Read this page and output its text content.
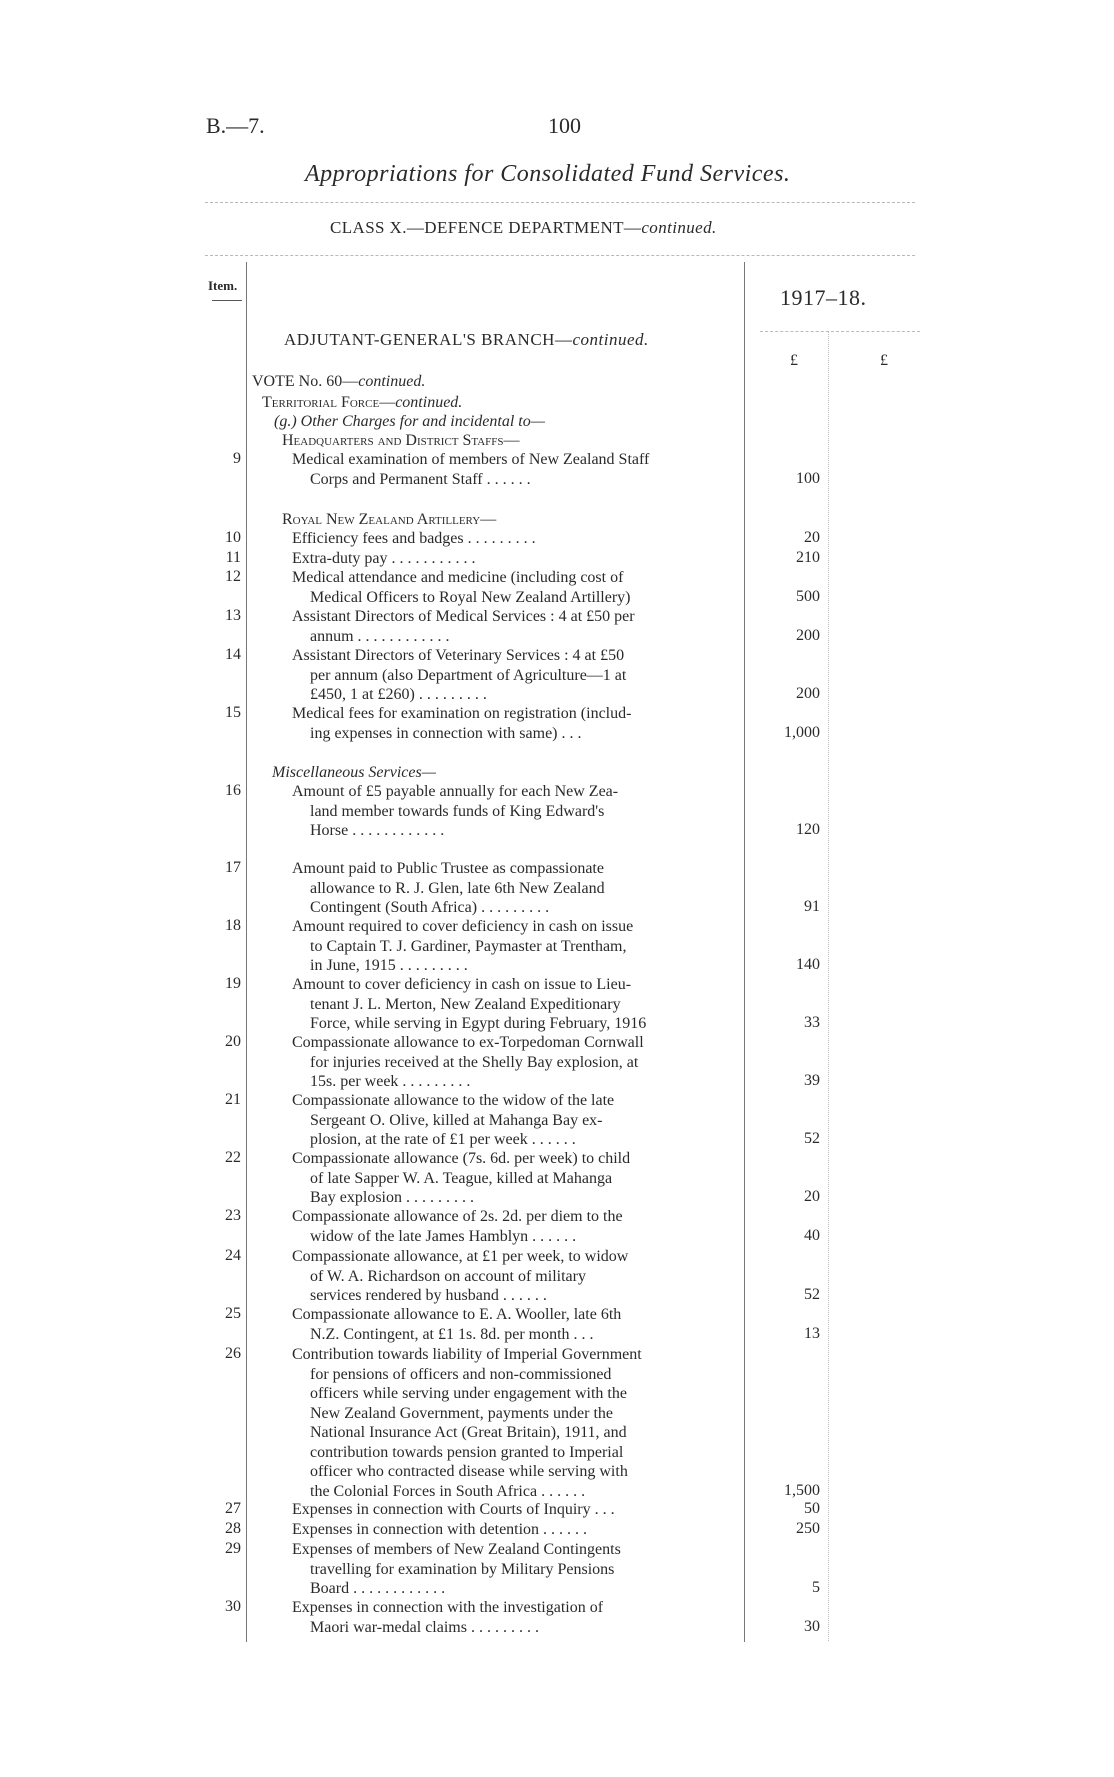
B.—7.	100
Appropriations for Consolidated Fund Services.
CLASS X.—DEFENCE DEPARTMENT—continued.
Item.	1917–18.
£	£
ADJUTANT-GENERAL'S BRANCH—continued.
VOTE No. 60—continued.
Territorial Force—continued.
(g.) Other Charges for and incidental to—
Headquarters and District Staffs—
Royal New Zealand Artillery—
Miscellaneous Services—
9	Medical examination of members of New Zealand Staff
Corps and Permanent Staff . . . . . .	100
10	Efficiency fees and badges . . . . . . . . .	20
11	Extra-duty pay . . . . . . . . . . .	210
12	Medical attendance and medicine (including cost of
Medical Officers to Royal New Zealand Artillery)	500
13	Assistant Directors of Medical Services : 4 at £50 per
annum . . . . . . . . . . . .	200
14	Assistant Directors of Veterinary Services : 4 at £50
per annum (also Department of Agriculture—1 at
£450, 1 at £260) . . . . . . . . .	200
15	Medical fees for examination on registration (includ-
ing expenses in connection with same) . . .	1,000
16	Amount of £5 payable annually for each New Zea-
land member towards funds of King Edward's
Horse . . . . . . . . . . . .	120
17	Amount paid to Public Trustee as compassionate
allowance to R. J. Glen, late 6th New Zealand
Contingent (South Africa) . . . . . . . . .	91
18	Amount required to cover deficiency in cash on issue
to Captain T. J. Gardiner, Paymaster at Trentham,
in June, 1915 . . . . . . . . .	140
19	Amount to cover deficiency in cash on issue to Lieu-
tenant J. L. Merton, New Zealand Expeditionary
Force, while serving in Egypt during February, 1916	33
20	Compassionate allowance to ex-Torpedoman Cornwall
for injuries received at the Shelly Bay explosion, at
15s. per week . . . . . . . . .	39
21	Compassionate allowance to the widow of the late
Sergeant O. Olive, killed at Mahanga Bay ex-
plosion, at the rate of £1 per week . . . . . .	52
22	Compassionate allowance (7s. 6d. per week) to child
of late Sapper W. A. Teague, killed at Mahanga
Bay explosion . . . . . . . . .	20
23	Compassionate allowance of 2s. 2d. per diem to the
widow of the late James Hamblyn . . . . . .	40
24	Compassionate allowance, at £1 per week, to widow
of W. A. Richardson on account of military
services rendered by husband . . . . . .	52
25	Compassionate allowance to E. A. Wooller, late 6th
N.Z. Contingent, at £1 1s. 8d. per month . . .	13
26	Contribution towards liability of Imperial Government
for pensions of officers and non-commissioned
officers while serving under engagement with the
New Zealand Government, payments under the
National Insurance Act (Great Britain), 1911, and
contribution towards pension granted to Imperial
officer who contracted disease while serving with
the Colonial Forces in South Africa . . . . . .	1,500
27	Expenses in connection with Courts of Inquiry . . .	50
28	Expenses in connection with detention . . . . . .	250
29	Expenses of members of New Zealand Contingents
travelling for examination by Military Pensions
Board . . . . . . . . . . . .	5
30	Expenses in connection with the investigation of
Maori war-medal claims . . . . . . . . .	30
